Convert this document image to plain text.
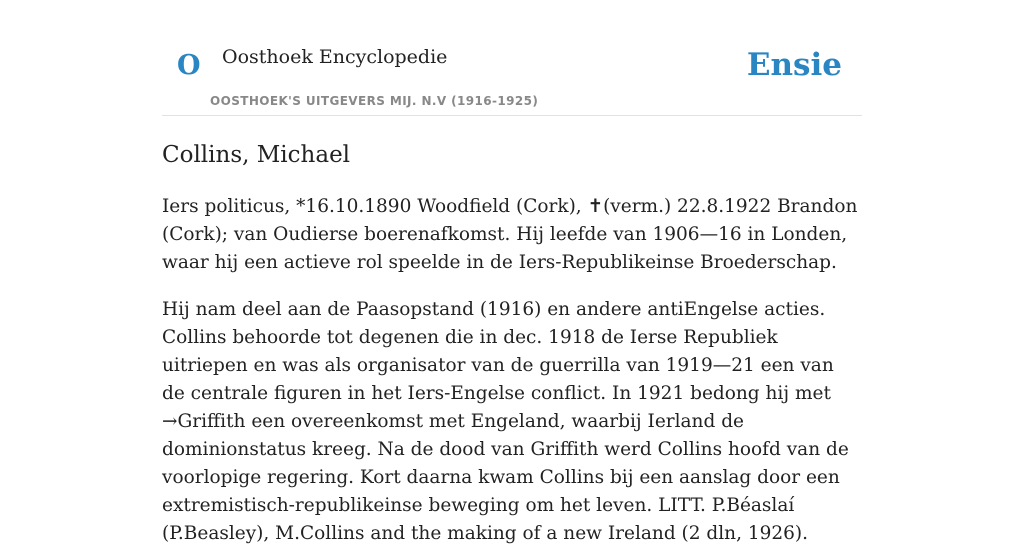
O Oosthoek Encyclopedie
OOSTHOEK'S UITGEVERS MIJ. N.V (1916-1925)
Ensie
Collins, Michael

Iers politicus, *16.10.1890 Woodfield (Cork), ✝(verm.) 22.8.1922 Brandon (Cork); van Oudierse boerenafkomst. Hij leefde van 1906—16 in Londen, waar hij een actieve rol speelde in de Iers-Republikeinse Broederschap.

Hij nam deel aan de Paasopstand (1916) en andere antiEngelse acties. Collins behoorde tot degenen die in dec. 1918 de Ierse Republiek uitriepen en was als organisator van de guerrilla van 1919—21 een van de centrale figuren in het Iers-Engelse conflict. In 1921 bedong hij met →Griffith een overeenkomst met Engeland, waarbij Ierland de dominionstatus kreeg. Na de dood van Griffith werd Collins hoofd van de voorlopige regering. Kort daarna kwam Collins bij een aanslag door een extremistisch-republikeinse beweging om het leven. LITT. P.Béaslaí (P.Beasley), M.Collins and the making of a new Ireland (2 dln, 1926).
